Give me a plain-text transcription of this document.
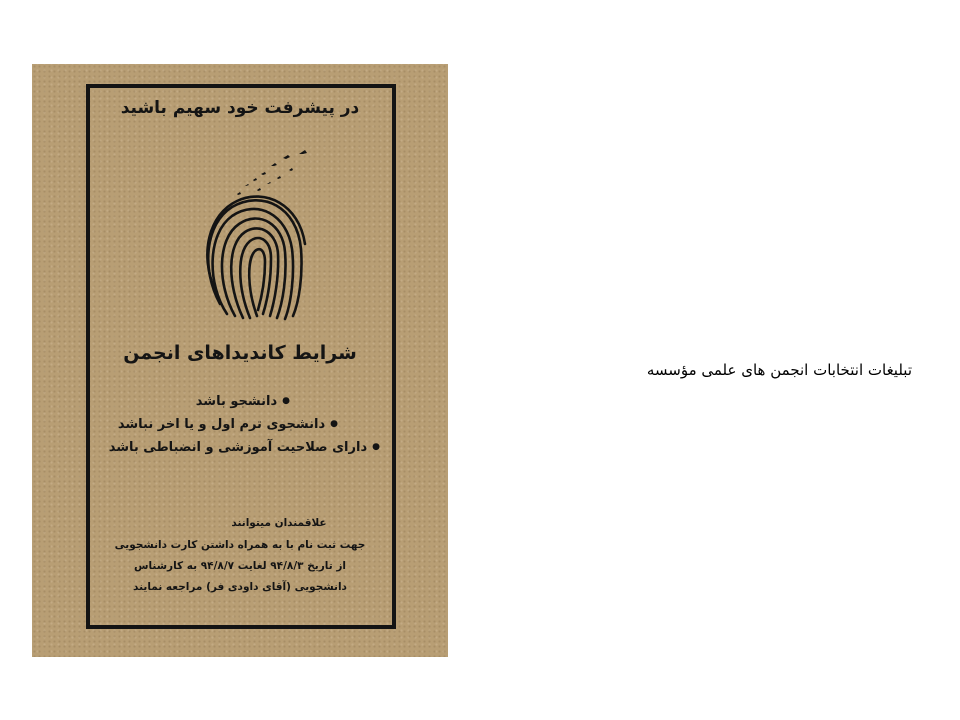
در پیشرفت خود سهیم باشید
شرایط کاندیداهای انجمن
● دانشجو باشد
● دانشجوی ترم اول و یا اخر نباشد
● دارای صلاحیت آموزشی و انضباطی باشد
علاقمندان میتوانند
جهت ثبت نام با به همراه داشتن کارت دانشجویی
از تاریخ ۹۴/۸/۳ لغایت ۹۴/۸/۷ به کارشناس
دانشجویی (آقای داودی فر) مراجعه نمایند
تبلیغات انتخابات انجمن های علمی مؤسسه
